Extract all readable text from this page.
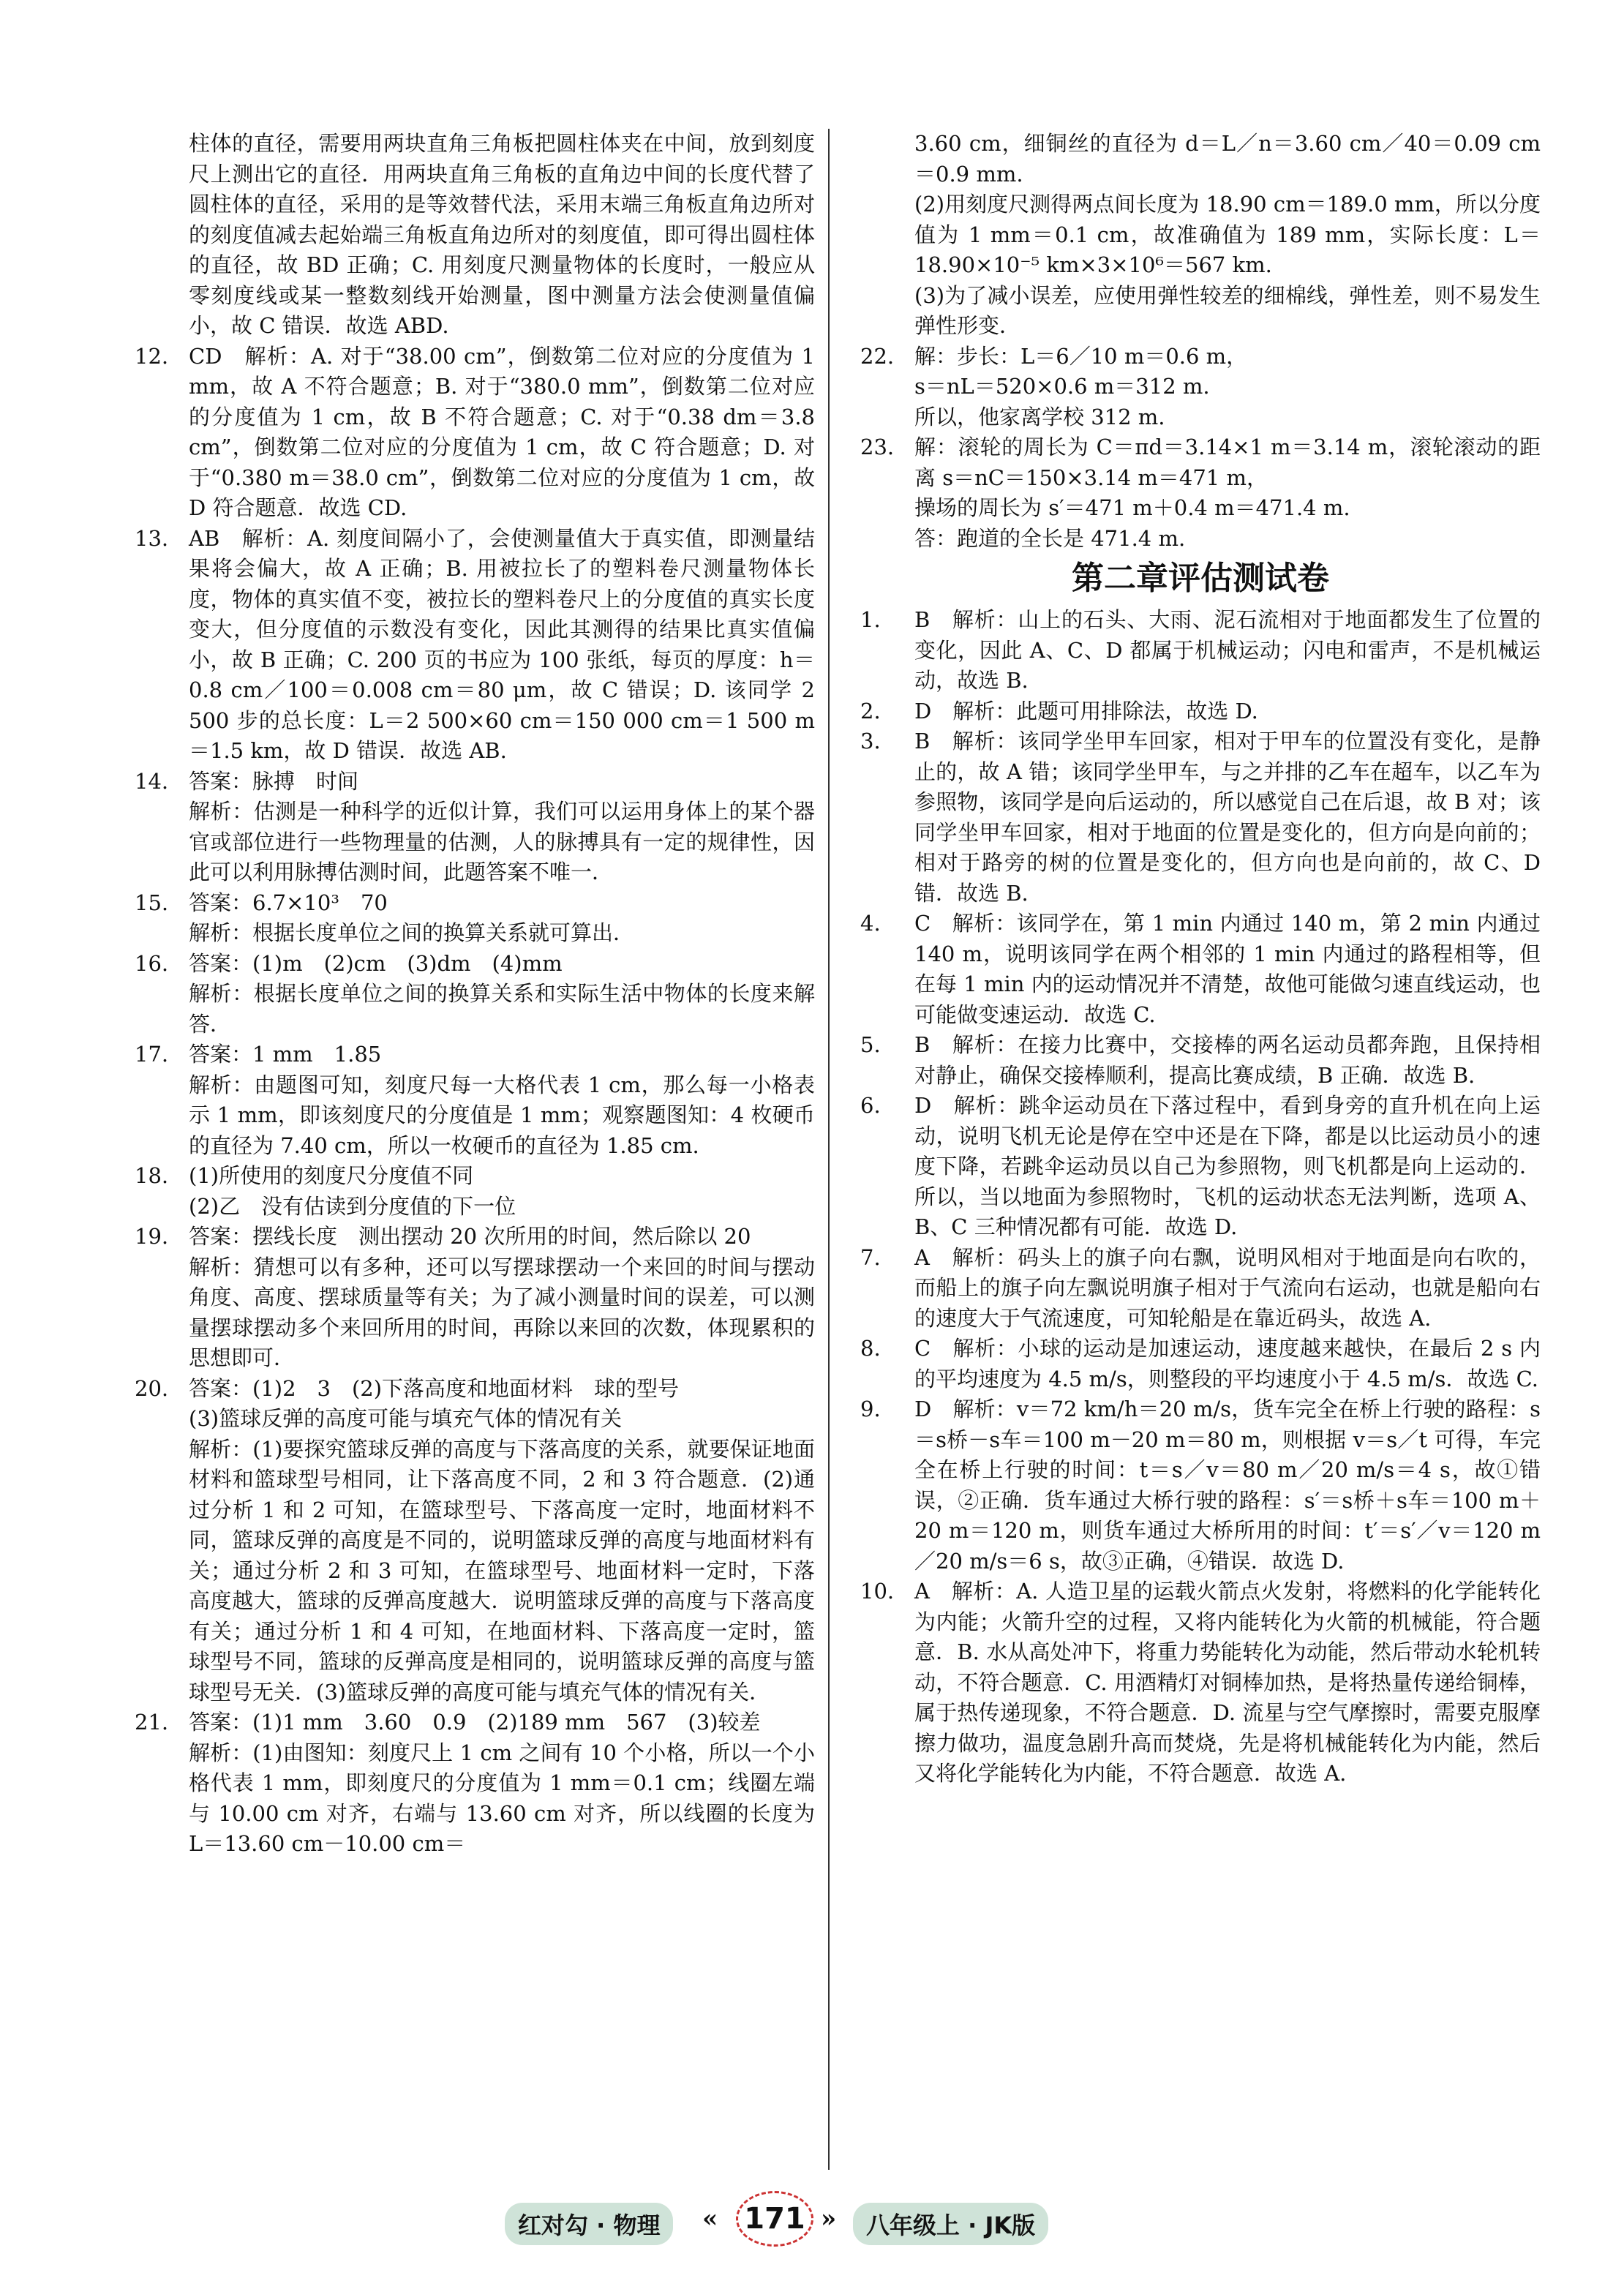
柱体的直径，需要用两块直角三角板把圆柱体夹在中间，放到刻度尺上测出它的直径．用两块直角三角板的直角边中间的长度代替了圆柱体的直径，采用的是等效替代法，采用末端三角板直角边所对的刻度值减去起始端三角板直角边所对的刻度值，即可得出圆柱体的直径，故 BD 正确；C. 用刻度尺测量物体的长度时，一般应从零刻度线或某一整数刻线开始测量，图中测量方法会使测量值偏小，故 C 错误．故选 ABD.
12. CD　解析：A. 对于“38.00 cm”，倒数第二位对应的分度值为 1 mm，故 A 不符合题意；B. 对于“380.0 mm”，倒数第二位对应的分度值为 1 cm，故 B 不符合题意；C. 对于“0.38 dm＝3.8 cm”，倒数第二位对应的分度值为 1 cm，故 C 符合题意；D. 对于“0.380 m＝38.0 cm”，倒数第二位对应的分度值为 1 cm，故 D 符合题意．故选 CD.
13. AB　解析：A. 刻度间隔小了，会使测量值大于真实值，即测量结果将会偏大，故 A 正确；B. 用被拉长了的塑料卷尺测量物体长度，物体的真实值不变，被拉长的塑料卷尺上的分度值的真实长度变大，但分度值的示数没有变化，因此其测得的结果比真实值偏小，故 B 正确；C. 200 页的书应为 100 张纸，每页的厚度：h＝0.8 cm／100＝0.008 cm＝80 μm，故 C 错误；D. 该同学 2 500 步的总长度：L＝2 500×60 cm＝150 000 cm＝1 500 m＝1.5 km，故 D 错误．故选 AB.
14. 答案：脉搏　时间
解析：估测是一种科学的近似计算，我们可以运用身体上的某个器官或部位进行一些物理量的估测，人的脉搏具有一定的规律性，因此可以利用脉搏估测时间，此题答案不唯一．
15. 答案：6.7×10³　70
解析：根据长度单位之间的换算关系就可算出．
16. 答案：(1)m　(2)cm　(3)dm　(4)mm
解析：根据长度单位之间的换算关系和实际生活中物体的长度来解答．
17. 答案：1 mm　1.85
解析：由题图可知，刻度尺每一大格代表 1 cm，那么每一小格表示 1 mm，即该刻度尺的分度值是 1 mm；观察题图知：4 枚硬币的直径为 7.40 cm，所以一枚硬币的直径为 1.85 cm.
18. (1)所使用的刻度尺分度值不同
(2)乙　没有估读到分度值的下一位
19. 答案：摆线长度　测出摆动 20 次所用的时间，然后除以 20
解析：猜想可以有多种，还可以写摆球摆动一个来回的时间与摆动角度、高度、摆球质量等有关；为了减小测量时间的误差，可以测量摆球摆动多个来回所用的时间，再除以来回的次数，体现累积的思想即可．
20. 答案：(1)2　3　(2)下落高度和地面材料　球的型号
(3)篮球反弹的高度可能与填充气体的情况有关
解析：(1)要探究篮球反弹的高度与下落高度的关系，就要保证地面材料和篮球型号相同，让下落高度不同，2 和 3 符合题意．(2)通过分析 1 和 2 可知，在篮球型号、下落高度一定时，地面材料不同，篮球反弹的高度是不同的，说明篮球反弹的高度与地面材料有关；通过分析 2 和 3 可知，在篮球型号、地面材料一定时，下落高度越大，篮球的反弹高度越大．说明篮球反弹的高度与下落高度有关；通过分析 1 和 4 可知，在地面材料、下落高度一定时，篮球型号不同，篮球的反弹高度是相同的，说明篮球反弹的高度与篮球型号无关．(3)篮球反弹的高度可能与填充气体的情况有关．
21. 答案：(1)1 mm　3.60　0.9　(2)189 mm　567　(3)较差
解析：(1)由图知：刻度尺上 1 cm 之间有 10 个小格，所以一个小格代表 1 mm，即刻度尺的分度值为 1 mm＝0.1 cm；线圈左端与 10.00 cm 对齐，右端与 13.60 cm 对齐，所以线圈的长度为 L＝13.60 cm－10.00 cm＝
3.60 cm，细铜丝的直径为 d＝L／n＝3.60 cm／40＝0.09 cm＝0.9 mm.
(2)用刻度尺测得两点间长度为 18.90 cm＝189.0 mm，所以分度值为 1 mm＝0.1 cm，故准确值为 189 mm，实际长度：L＝18.90×10⁻⁵ km×3×10⁶＝567 km.
(3)为了减小误差，应使用弹性较差的细棉线，弹性差，则不易发生弹性形变．
22. 解：步长：L＝6／10 m＝0.6 m，
s＝nL＝520×0.6 m＝312 m.
所以，他家离学校 312 m.
23. 解：滚轮的周长为 C＝πd＝3.14×1 m＝3.14 m，滚轮滚动的距离 s＝nC＝150×3.14 m＝471 m，
操场的周长为 s′＝471 m＋0.4 m＝471.4 m.
答：跑道的全长是 471.4 m.
第二章评估测试卷
1.	B　解析：山上的石头、大雨、泥石流相对于地面都发生了位置的变化，因此 A、C、D 都属于机械运动；闪电和雷声，不是机械运动，故选 B.
2.	D　解析：此题可用排除法，故选 D.
3.	B　解析：该同学坐甲车回家，相对于甲车的位置没有变化，是静止的，故 A 错；该同学坐甲车，与之并排的乙车在超车，以乙车为参照物，该同学是向后运动的，所以感觉自己在后退，故 B 对；该同学坐甲车回家，相对于地面的位置是变化的，但方向是向前的；相对于路旁的树的位置是变化的，但方向也是向前的，故 C、D 错．故选 B.
4.	C　解析：该同学在，第 1 min 内通过 140 m，第 2 min 内通过 140 m，说明该同学在两个相邻的 1 min 内通过的路程相等，但在每 1 min 内的运动情况并不清楚，故他可能做匀速直线运动，也可能做变速运动．故选 C.
5.	B　解析：在接力比赛中，交接棒的两名运动员都奔跑，且保持相对静止，确保交接棒顺利，提高比赛成绩，B 正确．故选 B.
6.	D　解析：跳伞运动员在下落过程中，看到身旁的直升机在向上运动，说明飞机无论是停在空中还是在下降，都是以比运动员小的速度下降，若跳伞运动员以自己为参照物，则飞机都是向上运动的．所以，当以地面为参照物时，飞机的运动状态无法判断，选项 A、B、C 三种情况都有可能．故选 D.
7.	A　解析：码头上的旗子向右飘，说明风相对于地面是向右吹的，而船上的旗子向左飘说明旗子相对于气流向右运动，也就是船向右的速度大于气流速度，可知轮船是在靠近码头，故选 A.
8.	C　解析：小球的运动是加速运动，速度越来越快，在最后 2 s 内的平均速度为 4.5 m/s，则整段的平均速度小于 4.5 m/s．故选 C.
9.	D　解析：v＝72 km/h＝20 m/s，货车完全在桥上行驶的路程：s＝s桥－s车＝100 m－20 m＝80 m，则根据 v＝s／t 可得，车完全在桥上行驶的时间：t＝s／v＝80 m／20 m/s＝4 s，故①错误，②正确．货车通过大桥行驶的路程：s′＝s桥＋s车＝100 m＋20 m＝120 m，则货车通过大桥所用的时间：t′＝s′／v＝120 m／20 m/s＝6 s，故③正确，④错误．故选 D.
10. A　解析：A. 人造卫星的运载火箭点火发射，将燃料的化学能转化为内能；火箭升空的过程，又将内能转化为火箭的机械能，符合题意．B. 水从高处冲下，将重力势能转化为动能，然后带动水轮机转动，不符合题意．C. 用酒精灯对铜棒加热，是将热量传递给铜棒，属于热传递现象，不符合题意．D. 流星与空气摩擦时，需要克服摩擦力做功，温度急剧升高而焚烧，先是将机械能转化为内能，然后又将化学能转化为内能，不符合题意．故选 A.
红对勾 · 物理	« 171 »	八年级上 · JK版
